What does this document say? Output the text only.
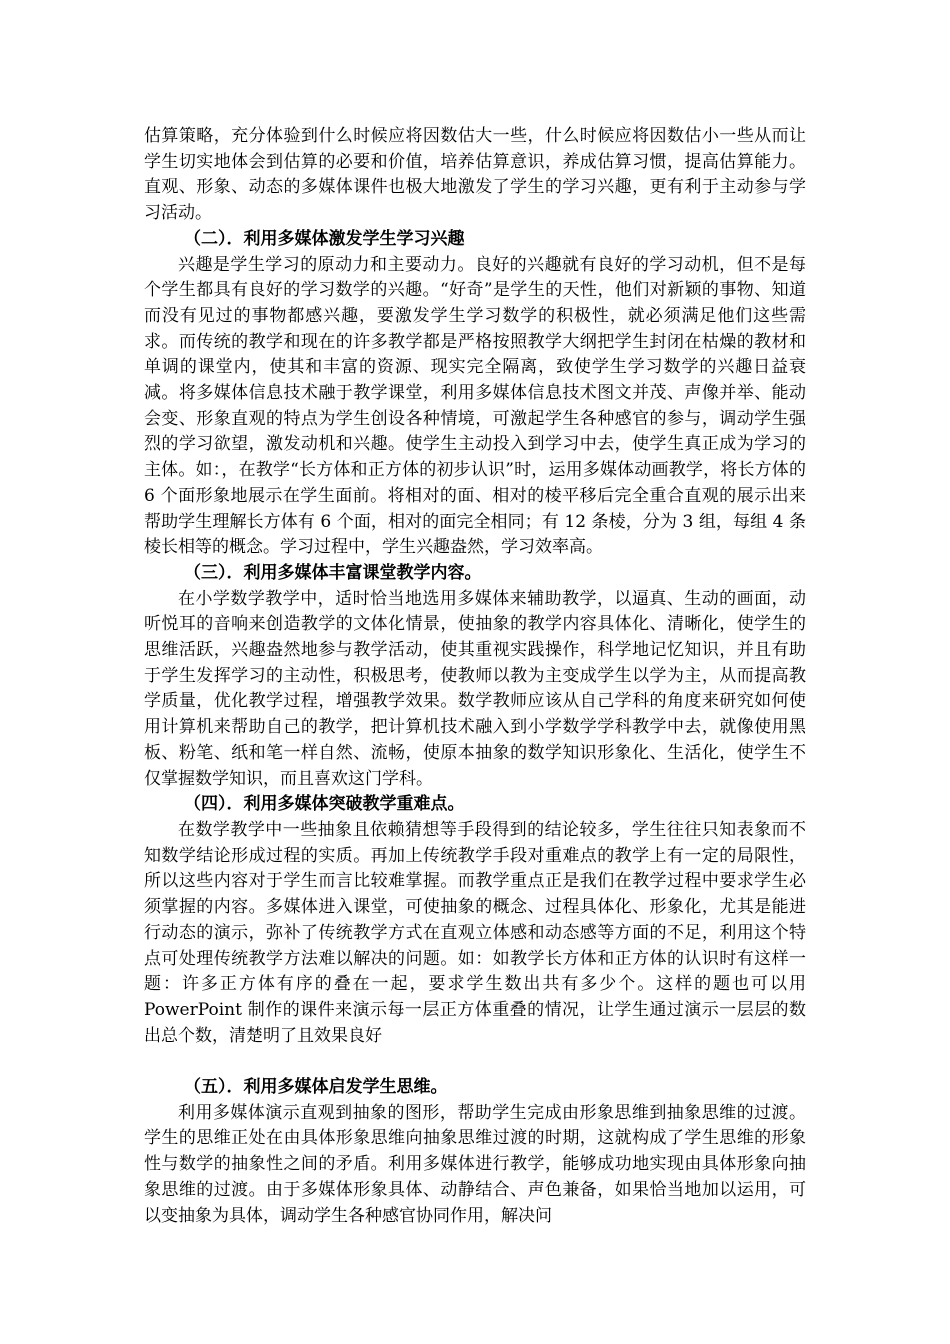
估算策略，充分体验到什么时候应将因数估大一些，什么时候应将因数估小一些从而让学生切实地体会到估算的必要和价值，培养估算意识，养成估算习惯，提高估算能力。直观、形象、动态的多媒体课件也极大地激发了学生的学习兴趣，更有利于主动参与学习活动。

（二）．利用多媒体激发学生学习兴趣

兴趣是学生学习的原动力和主要动力。良好的兴趣就有良好的学习动机，但不是每个学生都具有良好的学习数学的兴趣。“好奇”是学生的天性，他们对新颖的事物、知道而没有见过的事物都感兴趣，要激发学生学习数学的积极性，就必须满足他们这些需求。而传统的教学和现在的许多教学都是严格按照教学大纲把学生封闭在枯燥的教材和单调的课堂内，使其和丰富的资源、现实完全隔离，致使学生学习数学的兴趣日益衰减。将多媒体信息技术融于教学课堂，利用多媒体信息技术图文并茂、声像并举、能动会变、形象直观的特点为学生创设各种情境，可激起学生各种感官的参与，调动学生强烈的学习欲望，激发动机和兴趣。使学生主动投入到学习中去，使学生真正成为学习的主体。如：，在教学“长方体和正方体的初步认识”时，运用多媒体动画教学，将长方体的 6 个面形象地展示在学生面前。将相对的面、相对的棱平移后完全重合直观的展示出来帮助学生理解长方体有 6 个面，相对的面完全相同；有 12 条棱，分为 3 组，每组 4 条棱长相等的概念。学习过程中，学生兴趣盎然，学习效率高。

（三）．利用多媒体丰富课堂教学内容。

在小学数学教学中，适时恰当地选用多媒体来辅助教学，以逼真、生动的画面，动听悦耳的音响来创造教学的文体化情景，使抽象的教学内容具体化、清晰化，使学生的思维活跃，兴趣盎然地参与教学活动，使其重视实践操作，科学地记忆知识，并且有助于学生发挥学习的主动性，积极思考，使教师以教为主变成学生以学为主，从而提高教学质量，优化教学过程，增强教学效果。数学教师应该从自己学科的角度来研究如何使用计算机来帮助自己的教学，把计算机技术融入到小学数学学科教学中去，就像使用黑板、粉笔、纸和笔一样自然、流畅，使原本抽象的数学知识形象化、生活化，使学生不仅掌握数学知识，而且喜欢这门学科。

（四）．利用多媒体突破教学重难点。

在数学教学中一些抽象且依赖猜想等手段得到的结论较多，学生往往只知表象而不知数学结论形成过程的实质。再加上传统教学手段对重难点的教学上有一定的局限性，所以这些内容对于学生而言比较难掌握。而教学重点正是我们在教学过程中要求学生必须掌握的内容。多媒体进入课堂，可使抽象的概念、过程具体化、形象化，尤其是能进行动态的演示，弥补了传统教学方式在直观立体感和动态感等方面的不足，利用这个特点可处理传统教学方法难以解决的问题。如：如教学长方体和正方体的认识时有这样一题：许多正方体有序的叠在一起，要求学生数出共有多少个。这样的题也可以用 PowerPoint 制作的课件来演示每一层正方体重叠的情况，让学生通过演示一层层的数出总个数，清楚明了且效果良好

（五）．利用多媒体启发学生思维。

利用多媒体演示直观到抽象的图形，帮助学生完成由形象思维到抽象思维的过渡。学生的思维正处在由具体形象思维向抽象思维过渡的时期，这就构成了学生思维的形象性与数学的抽象性之间的矛盾。利用多媒体进行教学，能够成功地实现由具体形象向抽象思维的过渡。由于多媒体形象具体、动静结合、声色兼备，如果恰当地加以运用，可以变抽象为具体，调动学生各种感官协同作用，解决问
